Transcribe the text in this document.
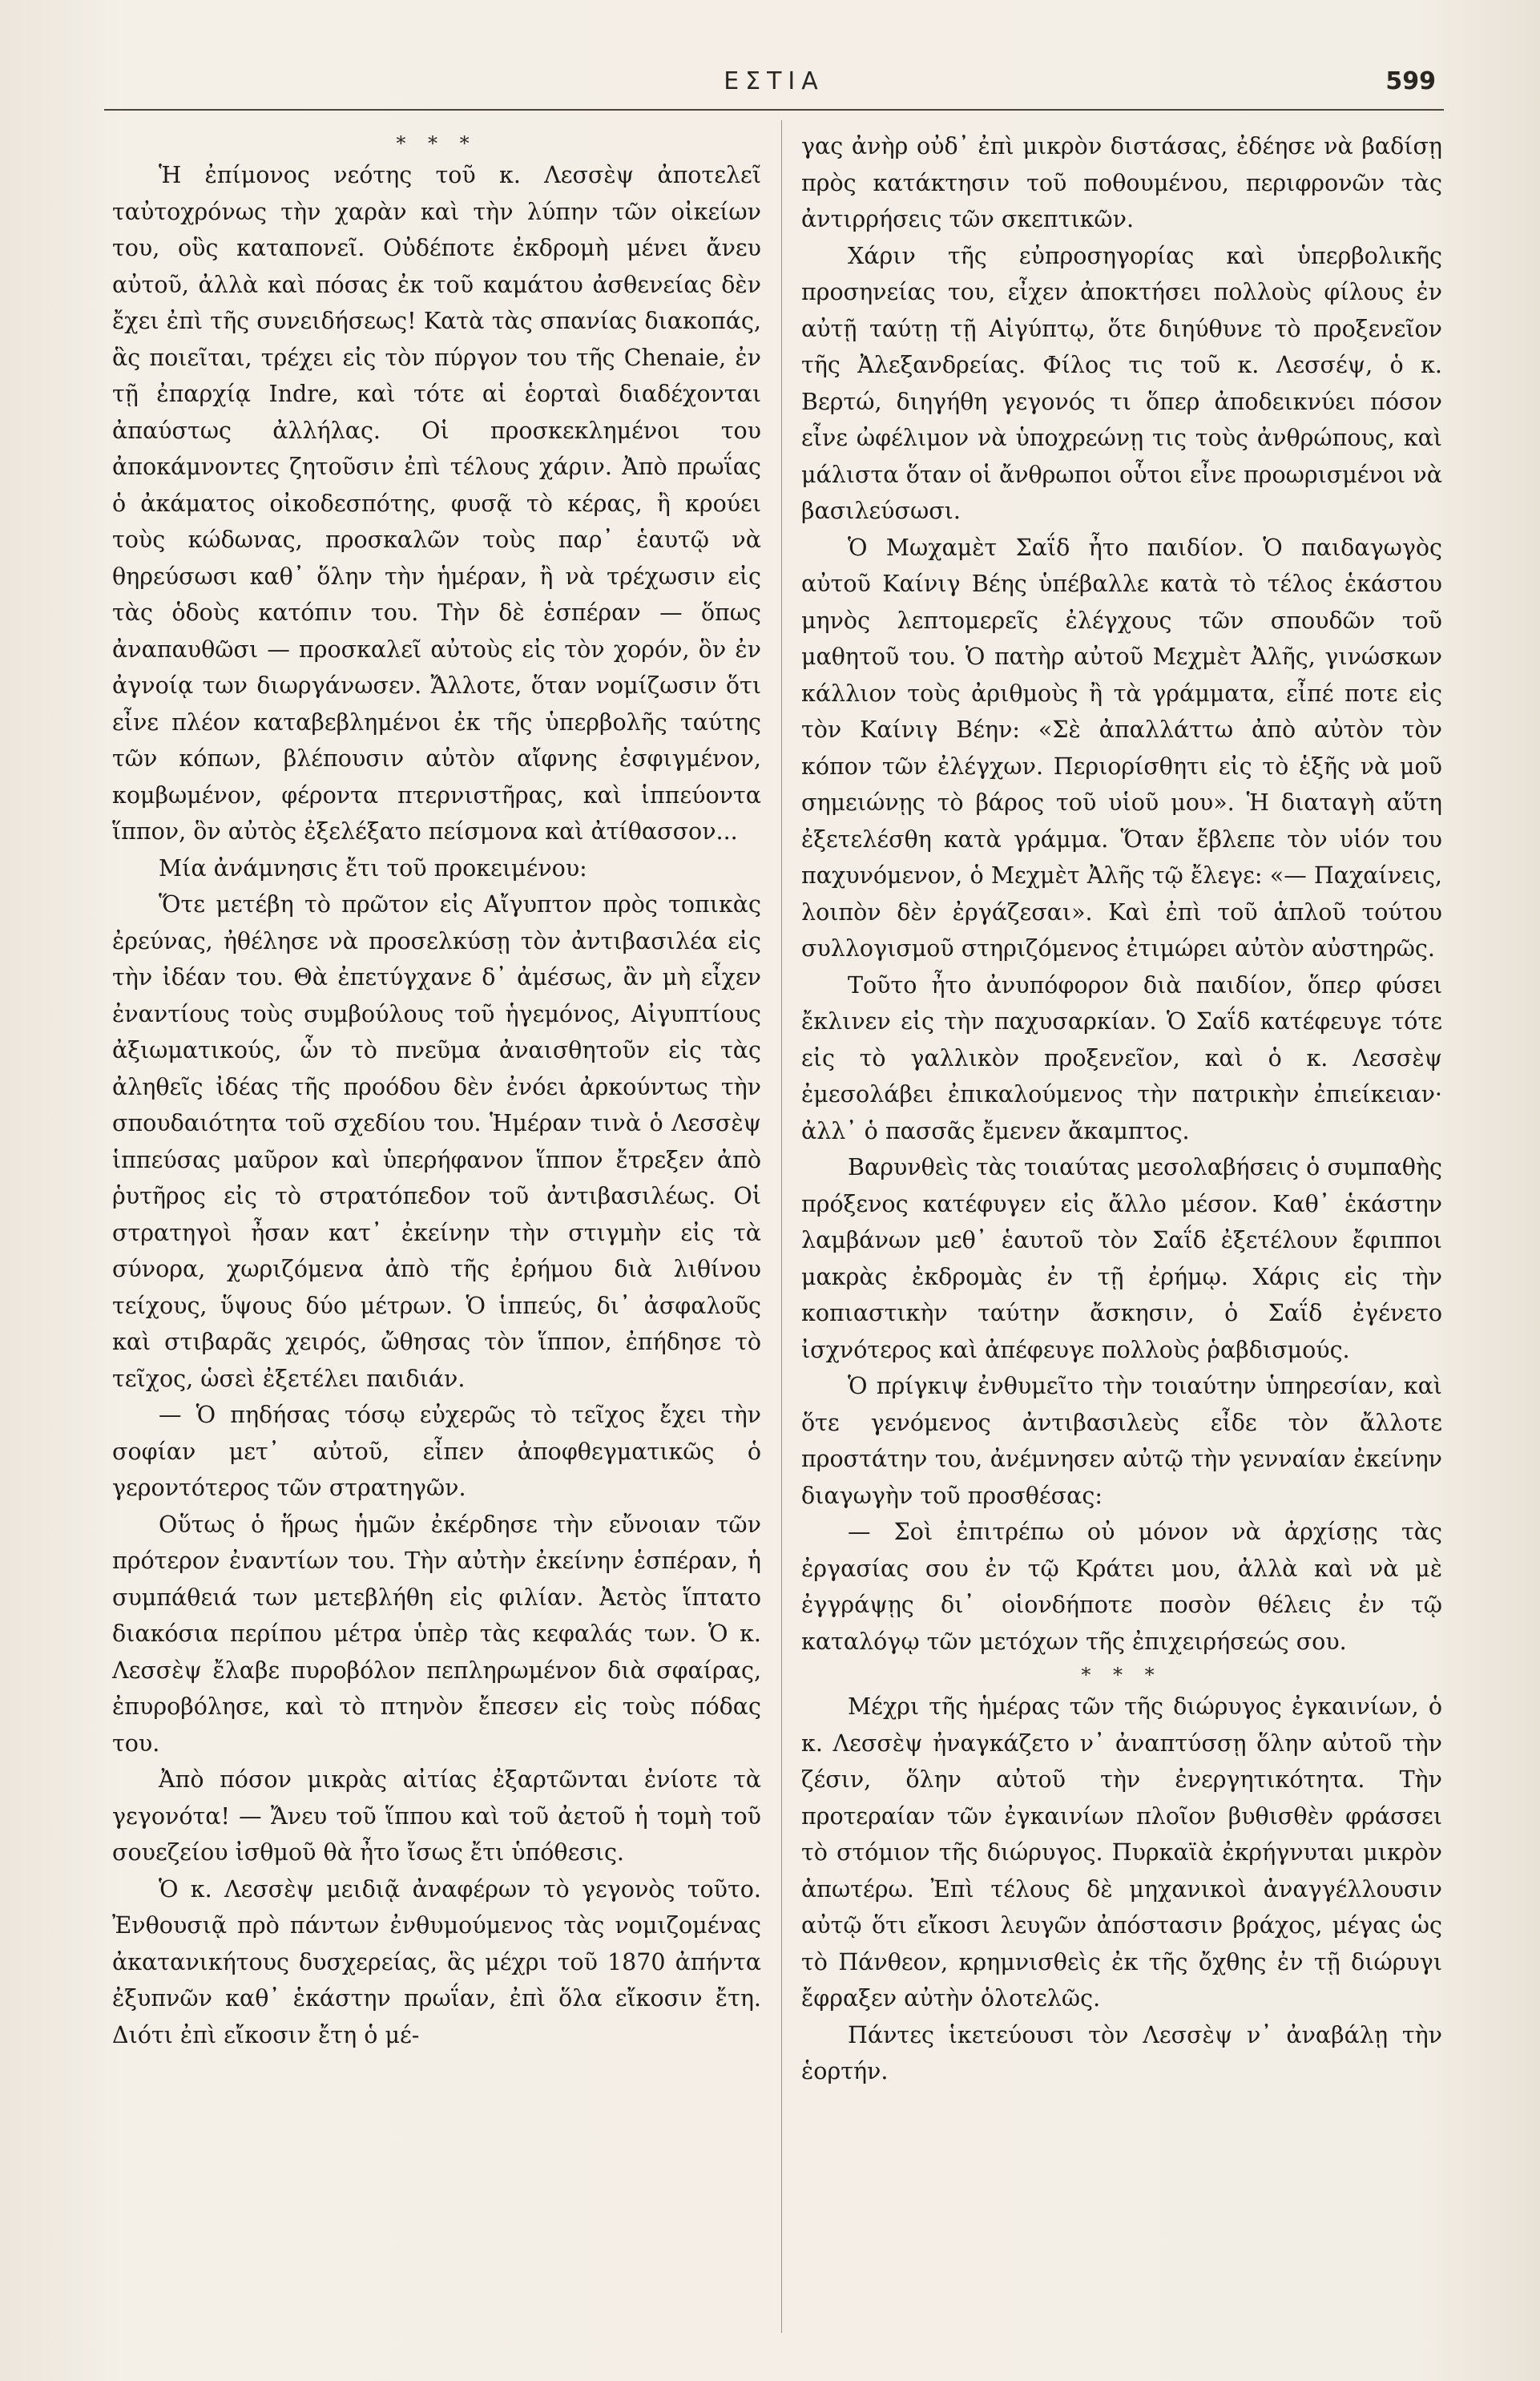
ΕΣΤΙΑ	599
* * *

Ἡ ἐπίμονος νεότης τοῦ κ. Λεσσὲψ ἀποτελεῖ ταὐτοχρόνως τὴν χαρὰν καὶ τὴν λύπην τῶν οἰκείων του, οὓς καταπονεῖ. Οὐδέποτε ἐκδρομὴ μένει ἄνευ αὐτοῦ, ἀλλὰ καὶ πόσας ἐκ τοῦ καμάτου ἀσθενείας δὲν ἔχει ἐπὶ τῆς συνειδήσεως! Κατὰ τὰς σπανίας διακοπάς, ἃς ποιεῖται, τρέχει εἰς τὸν πύργον του τῆς Chenaie, ἐν τῇ ἐπαρχίᾳ Indre, καὶ τότε αἱ ἑορταὶ διαδέχονται ἀπαύστως ἀλλήλας. Οἱ προσκεκλημένοι του ἀποκάμνοντες ζητοῦσιν ἐπὶ τέλους χάριν. Ἀπὸ πρωΐας ὁ ἀκάματος οἰκοδεσπότης, φυσᾷ τὸ κέρας, ἢ κρούει τοὺς κώδωνας, προσκαλῶν τοὺς παρ᾽ ἑαυτῷ νὰ θηρεύσωσι καθ᾽ ὅλην τὴν ἡμέραν, ἢ νὰ τρέχωσιν εἰς τὰς ὁδοὺς κατόπιν του. Τὴν δὲ ἑσπέραν — ὅπως ἀναπαυθῶσι — προσκαλεῖ αὐτοὺς εἰς τὸν χορόν, ὃν ἐν ἀγνοίᾳ των διωργάνωσεν. Ἄλλοτε, ὅταν νομίζωσιν ὅτι εἶνε πλέον καταβεβλημένοι ἐκ τῆς ὑπερβολῆς ταύτης τῶν κόπων, βλέπουσιν αὐτὸν αἴφνης ἐσφιγμένον, κομβωμένον, φέροντα πτερνιστῆρας, καὶ ἱππεύοντα ἵππον, ὃν αὐτὸς ἐξελέξατο πείσμονα καὶ ἀτίθασσον...

Μία ἀνάμνησις ἔτι τοῦ προκειμένου:

Ὅτε μετέβη τὸ πρῶτον εἰς Αἴγυπτον πρὸς τοπικὰς ἐρεύνας, ἠθέλησε νὰ προσελκύσῃ τὸν ἀντιβασιλέα εἰς τὴν ἰδέαν του. Θὰ ἐπετύγχανε δ᾽ ἀμέσως, ἂν μὴ εἶχεν ἐναντίους τοὺς συμβούλους τοῦ ἡγεμόνος, Αἰγυπτίους ἀξιωματικούς, ὧν τὸ πνεῦμα ἀναισθητοῦν εἰς τὰς ἀληθεῖς ἰδέας τῆς προόδου δὲν ἐνόει ἀρκούντως τὴν σπουδαιότητα τοῦ σχεδίου του. Ἡμέραν τινὰ ὁ Λεσσὲψ ἱππεύσας μαῦρον καὶ ὑπερήφανον ἵππον ἔτρεξεν ἀπὸ ῥυτῆρος εἰς τὸ στρατόπεδον τοῦ ἀντιβασιλέως. Οἱ στρατηγοὶ ἦσαν κατ᾽ ἐκείνην τὴν στιγμὴν εἰς τὰ σύνορα, χωριζόμενα ἀπὸ τῆς ἐρήμου διὰ λιθίνου τείχους, ὕψους δύο μέτρων. Ὁ ἱππεύς, δι᾽ ἀσφαλοῦς καὶ στιβαρᾶς χειρός, ὤθησας τὸν ἵππον, ἐπήδησε τὸ τεῖχος, ὡσεὶ ἐξετέλει παιδιάν.

— Ὁ πηδήσας τόσῳ εὐχερῶς τὸ τεῖχος ἔχει τὴν σοφίαν μετ᾽ αὐτοῦ, εἶπεν ἀποφθεγματικῶς ὁ γεροντότερος τῶν στρατηγῶν.

Οὕτως ὁ ἥρως ἡμῶν ἐκέρδησε τὴν εὔνοιαν τῶν πρότερον ἐναντίων του. Τὴν αὐτὴν ἐκείνην ἑσπέραν, ἡ συμπάθειά των μετεβλήθη εἰς φιλίαν. Ἀετὸς ἵπτατο διακόσια περίπου μέτρα ὑπὲρ τὰς κεφαλάς των. Ὁ κ. Λεσσὲψ ἔλαβε πυροβόλον πεπληρωμένον διὰ σφαίρας, ἐπυροβόλησε, καὶ τὸ πτηνὸν ἔπεσεν εἰς τοὺς πόδας του.

Ἀπὸ πόσον μικρὰς αἰτίας ἐξαρτῶνται ἐνίοτε τὰ γεγονότα! — Ἄνευ τοῦ ἵππου καὶ τοῦ ἀετοῦ ἡ τομὴ τοῦ σουεζείου ἰσθμοῦ θὰ ἦτο ἴσως ἔτι ὑπόθεσις.

Ὁ κ. Λεσσὲψ μειδιᾷ ἀναφέρων τὸ γεγονὸς τοῦτο. Ἐνθουσιᾷ πρὸ πάντων ἐνθυμούμενος τὰς νομιζομένας ἀκατανικήτους δυσχερείας, ἃς μέχρι τοῦ 1870 ἀπήντα ἐξυπνῶν καθ᾽ ἑκάστην πρωΐαν, ἐπὶ ὅλα εἴκοσιν ἔτη. Διότι ἐπὶ εἴκοσιν ἔτη ὁ μέ-

γας ἀνὴρ οὐδ᾽ ἐπὶ μικρὸν διστάσας, ἐδέησε νὰ βαδίσῃ πρὸς κατάκτησιν τοῦ ποθουμένου, περιφρονῶν τὰς ἀντιρρήσεις τῶν σκεπτικῶν.

Χάριν τῆς εὐπροσηγορίας καὶ ὑπερβολικῆς προσηνείας του, εἶχεν ἀποκτήσει πολλοὺς φίλους ἐν αὐτῇ ταύτῃ τῇ Αἰγύπτῳ, ὅτε διηύθυνε τὸ προξενεῖον τῆς Ἀλεξανδρείας. Φίλος τις τοῦ κ. Λεσσέψ, ὁ κ. Βερτώ, διηγήθη γεγονός τι ὅπερ ἀποδεικνύει πόσον εἶνε ὠφέλιμον νὰ ὑποχρεώνῃ τις τοὺς ἀνθρώπους, καὶ μάλιστα ὅταν οἱ ἄνθρωποι οὗτοι εἶνε προωρισμένοι νὰ βασιλεύσωσι.

Ὁ Μωχαμὲτ Σαΐδ ἦτο παιδίον. Ὁ παιδαγωγὸς αὐτοῦ Καίνιγ Βέης ὑπέβαλλε κατὰ τὸ τέλος ἑκάστου μηνὸς λεπτομερεῖς ἐλέγχους τῶν σπουδῶν τοῦ μαθητοῦ του. Ὁ πατὴρ αὐτοῦ Μεχμὲτ Ἀλῆς, γινώσκων κάλλιον τοὺς ἀριθμοὺς ἢ τὰ γράμματα, εἶπέ ποτε εἰς τὸν Καίνιγ Βέην: «Σὲ ἀπαλλάττω ἀπὸ αὐτὸν τὸν κόπον τῶν ἐλέγχων. Περιορίσθητι εἰς τὸ ἑξῆς νὰ μοῦ σημειώνῃς τὸ βάρος τοῦ υἱοῦ μου». Ἡ διαταγὴ αὕτη ἐξετελέσθη κατὰ γράμμα. Ὅταν ἔβλεπε τὸν υἱόν του παχυνόμενον, ὁ Μεχμὲτ Ἀλῆς τῷ ἔλεγε: «— Παχαίνεις, λοιπὸν δὲν ἐργάζεσαι». Καὶ ἐπὶ τοῦ ἁπλοῦ τούτου συλλογισμοῦ στηριζόμενος ἐτιμώρει αὐτὸν αὐστηρῶς.

Τοῦτο ἦτο ἀνυπόφορον διὰ παιδίον, ὅπερ φύσει ἔκλινεν εἰς τὴν παχυσαρκίαν. Ὁ Σαΐδ κατέφευγε τότε εἰς τὸ γαλλικὸν προξενεῖον, καὶ ὁ κ. Λεσσὲψ ἐμεσολάβει ἐπικαλούμενος τὴν πατρικὴν ἐπιείκειαν· ἀλλ᾽ ὁ πασσᾶς ἔμενεν ἄκαμπτος.

Βαρυνθεὶς τὰς τοιαύτας μεσολαβήσεις ὁ συμπαθὴς πρόξενος κατέφυγεν εἰς ἄλλο μέσον. Καθ᾽ ἑκάστην λαμβάνων μεθ᾽ ἑαυτοῦ τὸν Σαΐδ ἐξετέλουν ἔφιπποι μακρὰς ἐκδρομὰς ἐν τῇ ἐρήμῳ. Χάρις εἰς τὴν κοπιαστικὴν ταύτην ἄσκησιν, ὁ Σαΐδ ἐγένετο ἰσχνότερος καὶ ἀπέφευγε πολλοὺς ῥαβδισμούς.

Ὁ πρίγκιψ ἐνθυμεῖτο τὴν τοιαύτην ὑπηρεσίαν, καὶ ὅτε γενόμενος ἀντιβασιλεὺς εἶδε τὸν ἄλλοτε προστάτην του, ἀνέμνησεν αὐτῷ τὴν γενναίαν ἐκείνην διαγωγὴν τοῦ προσθέσας:

— Σοὶ ἐπιτρέπω οὐ μόνον νὰ ἀρχίσῃς τὰς ἐργασίας σου ἐν τῷ Κράτει μου, ἀλλὰ καὶ νὰ μὲ ἐγγράψῃς δι᾽ οἱονδήποτε ποσὸν θέλεις ἐν τῷ καταλόγῳ τῶν μετόχων τῆς ἐπιχειρήσεώς σου.

* * *

Μέχρι τῆς ἡμέρας τῶν τῆς διώρυγος ἐγκαινίων, ὁ κ. Λεσσὲψ ἠναγκάζετο ν᾽ ἀναπτύσσῃ ὅλην αὐτοῦ τὴν ζέσιν, ὅλην αὐτοῦ τὴν ἐνεργητικότητα. Τὴν προτεραίαν τῶν ἐγκαινίων πλοῖον βυθισθὲν φράσσει τὸ στόμιον τῆς διώρυγος. Πυρκαϊὰ ἐκρήγνυται μικρὸν ἀπωτέρω. Ἐπὶ τέλους δὲ μηχανικοὶ ἀναγγέλλουσιν αὐτῷ ὅτι εἴκοσι λευγῶν ἀπόστασιν βράχος, μέγας ὡς τὸ Πάνθεον, κρημνισθεὶς ἐκ τῆς ὄχθης ἐν τῇ διώρυγι ἔφραξεν αὐτὴν ὁλοτελῶς.

Πάντες ἱκετεύουσι τὸν Λεσσὲψ ν᾽ ἀναβάλῃ τὴν ἑορτήν.
